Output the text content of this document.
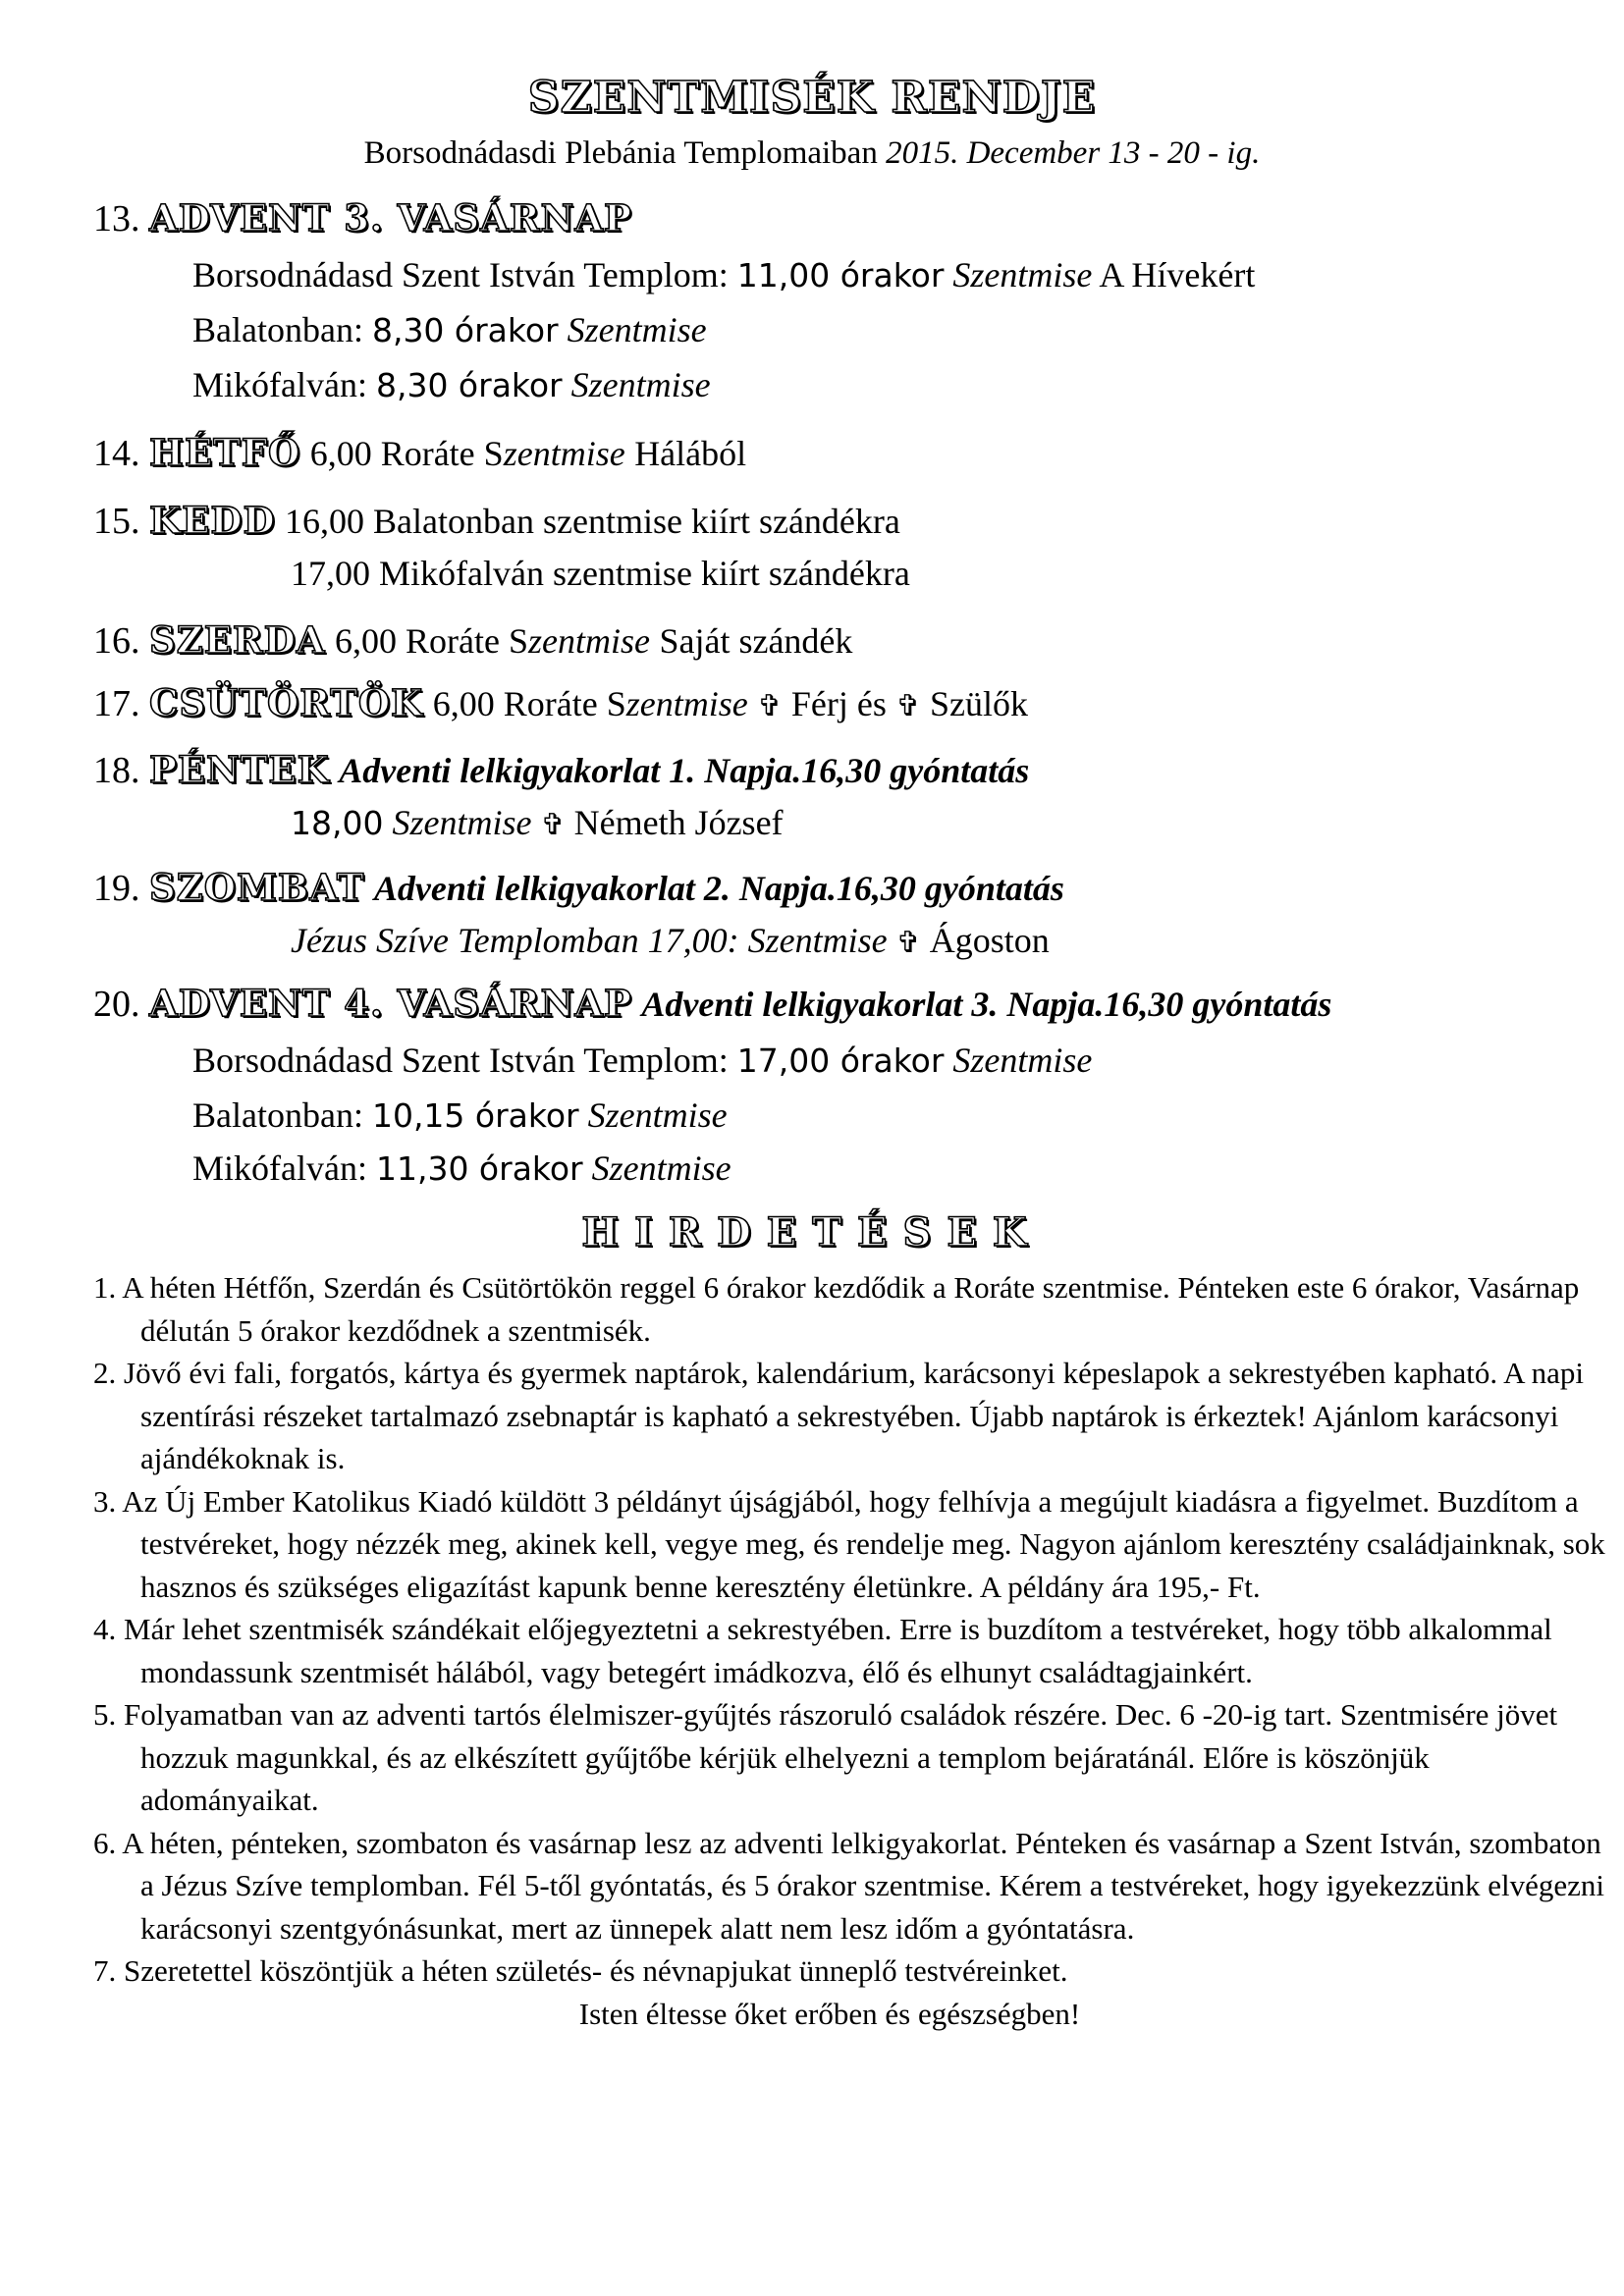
SZENTMISÉK RENDJE
Borsodnádasdi Plebánia Templomaiban 2015. December 13 - 20 - ig.
13. ADVENT 3. VASÁRNAP
Borsodnádasd Szent István Templom: 11,00 órakor Szentmise A Hívekért
Balatonban: 8,30 órakor Szentmise
Mikófalván: 8,30 órakor Szentmise
14. HÉTFŐ 6,00 Roráte Szentmise Hálából
15. KEDD 16,00 Balatonban szentmise kiírt szándékra
17,00 Mikófalván szentmise kiírt szándékra
16. SZERDA 6,00 Roráte Szentmise Saját szándék
17. CSÜTÖRTÖK 6,00 Roráte Szentmise ✞ Férj és ✞ Szülők
18. PÉNTEK Adventi lelkigyakorlat 1. Napja.16,30 gyóntatás
18,00 Szentmise ✞ Németh József
19. SZOMBAT Adventi lelkigyakorlat 2. Napja.16,30 gyóntatás
Jézus Szíve Templomban 17,00: Szentmise ✞ Ágoston
20. ADVENT 4. VASÁRNAP Adventi lelkigyakorlat 3. Napja.16,30 gyóntatás
Borsodnádasd Szent István Templom: 17,00 órakor Szentmise
Balatonban: 10,15 órakor Szentmise
Mikófalván: 11,30 órakor Szentmise
HIRDETÉSEK

1. A héten Hétfőn, Szerdán és Csütörtökön reggel 6 órakor kezdődik a Roráte szentmise. Pénteken este 6 órakor, Vasárnap délután 5 órakor kezdődnek a szentmisék.

2. Jövő évi fali, forgatós, kártya és gyermek naptárok, kalendárium, karácsonyi képeslapok a sekrestyében kapható. A napi szentírási részeket tartalmazó zsebnaptár is kapható a sekrestyében. Újabb naptárok is érkeztek! Ajánlom karácsonyi ajándékoknak is.

3. Az Új Ember Katolikus Kiadó küldött 3 példányt újságjából, hogy felhívja a megújult kiadásra a figyelmet. Buzdítom a testvéreket, hogy nézzék meg, akinek kell, vegye meg, és rendelje meg. Nagyon ajánlom keresztény családjainknak, sok hasznos és szükséges eligazítást kapunk benne keresztény életünkre. A példány ára 195,- Ft.

4. Már lehet szentmisék szándékait előjegyeztetni a sekrestyében. Erre is buzdítom a testvéreket, hogy több alkalommal mondassunk szentmisét hálából, vagy betegért imádkozva, élő és elhunyt családtagjainkért.

5. Folyamatban van az adventi tartós élelmiszer-gyűjtés rászoruló családok részére. Dec. 6 -20-ig tart. Szentmisére jövet hozzuk magunkkal, és az elkészített gyűjtőbe kérjük elhelyezni a templom bejáratánál. Előre is köszönjük adományaikat.

6. A héten, pénteken, szombaton és vasárnap lesz az adventi lelkigyakorlat. Pénteken és vasárnap a Szent István, szombaton a Jézus Szíve templomban. Fél 5-től gyóntatás, és 5 órakor szentmise. Kérem a testvéreket, hogy igyekezzünk elvégezni karácsonyi szentgyónásunkat, mert az ünnepek alatt nem lesz időm a gyóntatásra.

7. Szeretettel köszöntjük a héten születés- és névnapjukat ünneplő testvéreinket.

Isten éltesse őket erőben és egészségben!
